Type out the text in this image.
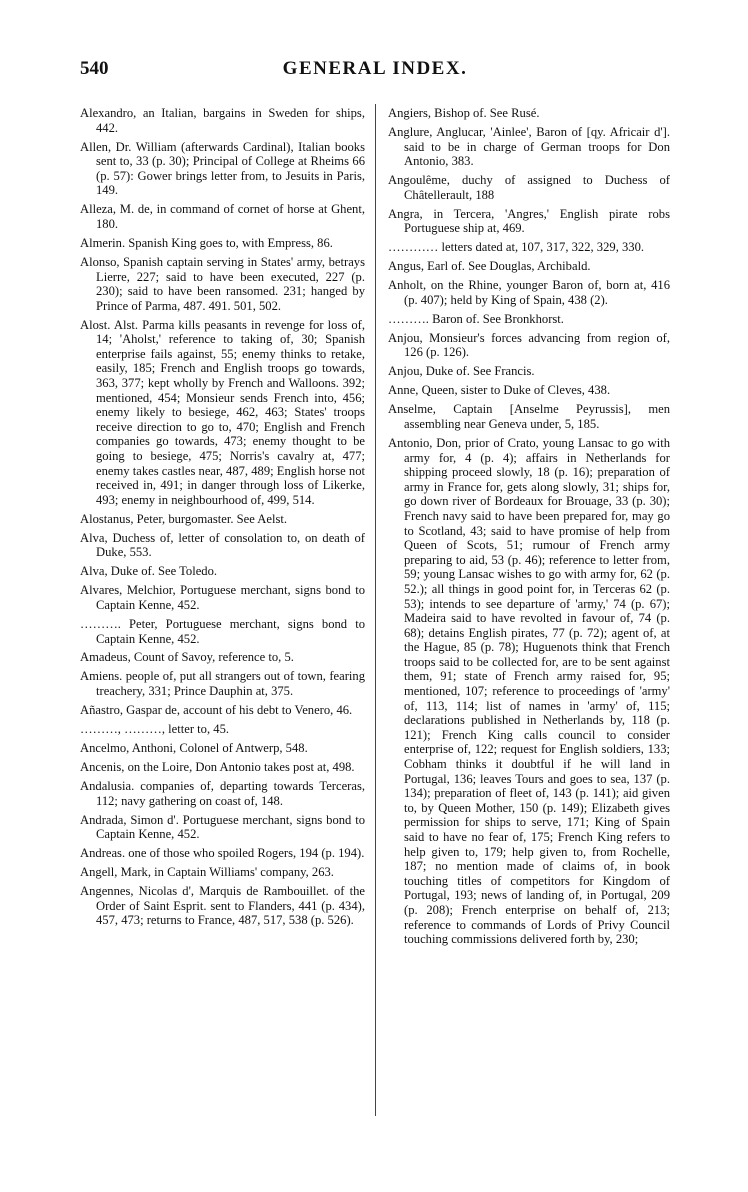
540	GENERAL INDEX.

Alexandro, an Italian, bargains in Sweden for ships, 442.

Allen, Dr. William (afterwards Cardinal), Italian books sent to, 33 (p. 30); Principal of College at Rheims 66 (p. 57): Gower brings letter from, to Jesuits in Paris, 149.

Alleza, M. de, in command of cornet of horse at Ghent, 180.

Almerin. Spanish King goes to, with Empress, 86.

Alonso, Spanish captain serving in States' army, betrays Lierre, 227; said to have been executed, 227 (p. 230); said to have been ransomed. 231; hanged by Prince of Parma, 487. 491. 501, 502.

Alost. Alst. Parma kills peasants in revenge for loss of, 14; 'Aholst,' reference to taking of, 30; Spanish enterprise fails against, 55; enemy thinks to retake, easily, 185; French and English troops go towards, 363, 377; kept wholly by French and Walloons. 392; mentioned, 454; Monsieur sends French into, 456; enemy likely to besiege, 462, 463; States' troops receive direction to go to, 470; English and French companies go towards, 473; enemy thought to be going to besiege, 475; Norris's cavalry at, 477; enemy takes castles near, 487, 489; English horse not received in, 491; in danger through loss of Likerke, 493; enemy in neighbourhood of, 499, 514.

Alostanus, Peter, burgomaster. See Aelst.

Alva, Duchess of, letter of consolation to, on death of Duke, 553.

Alva, Duke of. See Toledo.

Alvares, Melchior, Portuguese merchant, signs bond to Captain Kenne, 452.

………. Peter, Portuguese merchant, signs bond to Captain Kenne, 452.

Amadeus, Count of Savoy, reference to, 5.

Amiens. people of, put all strangers out of town, fearing treachery, 331; Prince Dauphin at, 375.

Añastro, Gaspar de, account of his debt to Venero, 46.

………, ………, letter to, 45.

Ancelmo, Anthoni, Colonel of Antwerp, 548.

Ancenis, on the Loire, Don Antonio takes post at, 498.

Andalusia. companies of, departing towards Terceras, 112; navy gathering on coast of, 148.

Andrada, Simon d'. Portuguese merchant, signs bond to Captain Kenne, 452.

Andreas. one of those who spoiled Rogers, 194 (p. 194).

Angell, Mark, in Captain Williams' company, 263.

Angennes, Nicolas d', Marquis de Rambouillet. of the Order of Saint Esprit. sent to Flanders, 441 (p. 434), 457, 473; returns to France, 487, 517, 538 (p. 526).

Angiers, Bishop of. See Rusé.

Anglure, Anglucar, 'Ainlee', Baron of [qy. Africair d']. said to be in charge of German troops for Don Antonio, 383.

Angoulême, duchy of assigned to Duchess of Châtellerault, 188

Angra, in Tercera, 'Angres,' English pirate robs Portuguese ship at, 469.

………… letters dated at, 107, 317, 322, 329, 330.

Angus, Earl of. See Douglas, Archibald.

Anholt, on the Rhine, younger Baron of, born at, 416 (p. 407); held by King of Spain, 438 (2).

………. Baron of. See Bronkhorst.

Anjou, Monsieur's forces advancing from region of, 126 (p. 126).

Anjou, Duke of. See Francis.

Anne, Queen, sister to Duke of Cleves, 438.

Anselme, Captain [Anselme Peyrussis], men assembling near Geneva under, 5, 185.

Antonio, Don, prior of Crato, young Lansac to go with army for, 4 (p. 4); affairs in Netherlands for shipping proceed slowly, 18 (p. 16); preparation of army in France for, gets along slowly, 31; ships for, go down river of Bordeaux for Brouage, 33 (p. 30); French navy said to have been prepared for, may go to Scotland, 43; said to have promise of help from Queen of Scots, 51; rumour of French army preparing to aid, 53 (p. 46); reference to letter from, 59; young Lansac wishes to go with army for, 62 (p. 52.); all things in good point for, in Terceras 62 (p. 53); intends to see departure of 'army,' 74 (p. 67); Madeira said to have revolted in favour of, 74 (p. 68); detains English pirates, 77 (p. 72); agent of, at the Hague, 85 (p. 78); Huguenots think that French troops said to be collected for, are to be sent against them, 91; state of French army raised for, 95; mentioned, 107; reference to proceedings of 'army' of, 113, 114; list of names in 'army' of, 115; declarations published in Netherlands by, 118 (p. 121); French King calls council to consider enterprise of, 122; request for English soldiers, 133; Cobham thinks it doubtful if he will land in Portugal, 136; leaves Tours and goes to sea, 137 (p. 134); preparation of fleet of, 143 (p. 141); aid given to, by Queen Mother, 150 (p. 149); Elizabeth gives permission for ships to serve, 171; King of Spain said to have no fear of, 175; French King refers to help given to, 179; help given to, from Rochelle, 187; no mention made of claims of, in book touching titles of competitors for Kingdom of Portugal, 193; news of landing of, in Portugal, 209 (p. 208); French enterprise on behalf of, 213; reference to commands of Lords of Privy Council touching commissions delivered forth by, 230;
